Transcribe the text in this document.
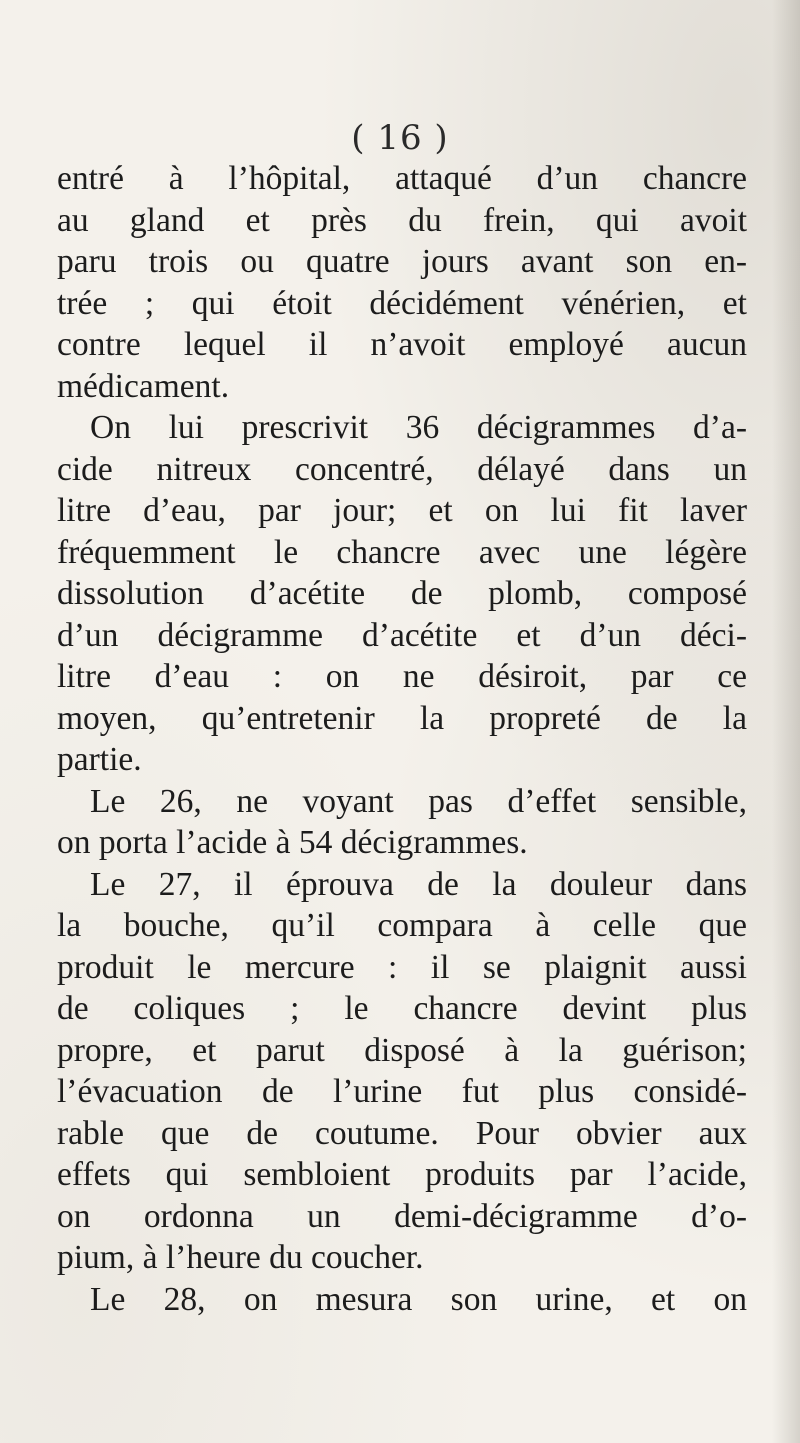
( 16 )
entré à l’hôpital, attaqué d’un chancre
au gland et près du frein, qui avoit
paru trois ou quatre jours avant son en-
trée ; qui étoit décidément vénérien, et
contre lequel il n’avoit employé aucun
médicament.
On lui prescrivit 36 décigrammes d’a-
cide nitreux concentré, délayé dans un
litre d’eau, par jour; et on lui fit laver
fréquemment le chancre avec une légère
dissolution d’acétite de plomb, composé
d’un décigramme d’acétite et d’un déci-
litre d’eau : on ne désiroit, par ce
moyen, qu’entretenir la propreté de la
partie.
Le 26, ne voyant pas d’effet sensible,
on porta l’acide à 54 décigrammes.
Le 27, il éprouva de la douleur dans
la bouche, qu’il compara à celle que
produit le mercure : il se plaignit aussi
de coliques ; le chancre devint plus
propre, et parut disposé à la guérison;
l’évacuation de l’urine fut plus considé-
rable que de coutume. Pour obvier aux
effets qui sembloient produits par l’acide,
on ordonna un demi-décigramme d’o-
pium, à l’heure du coucher.
Le 28, on mesura son urine, et on
